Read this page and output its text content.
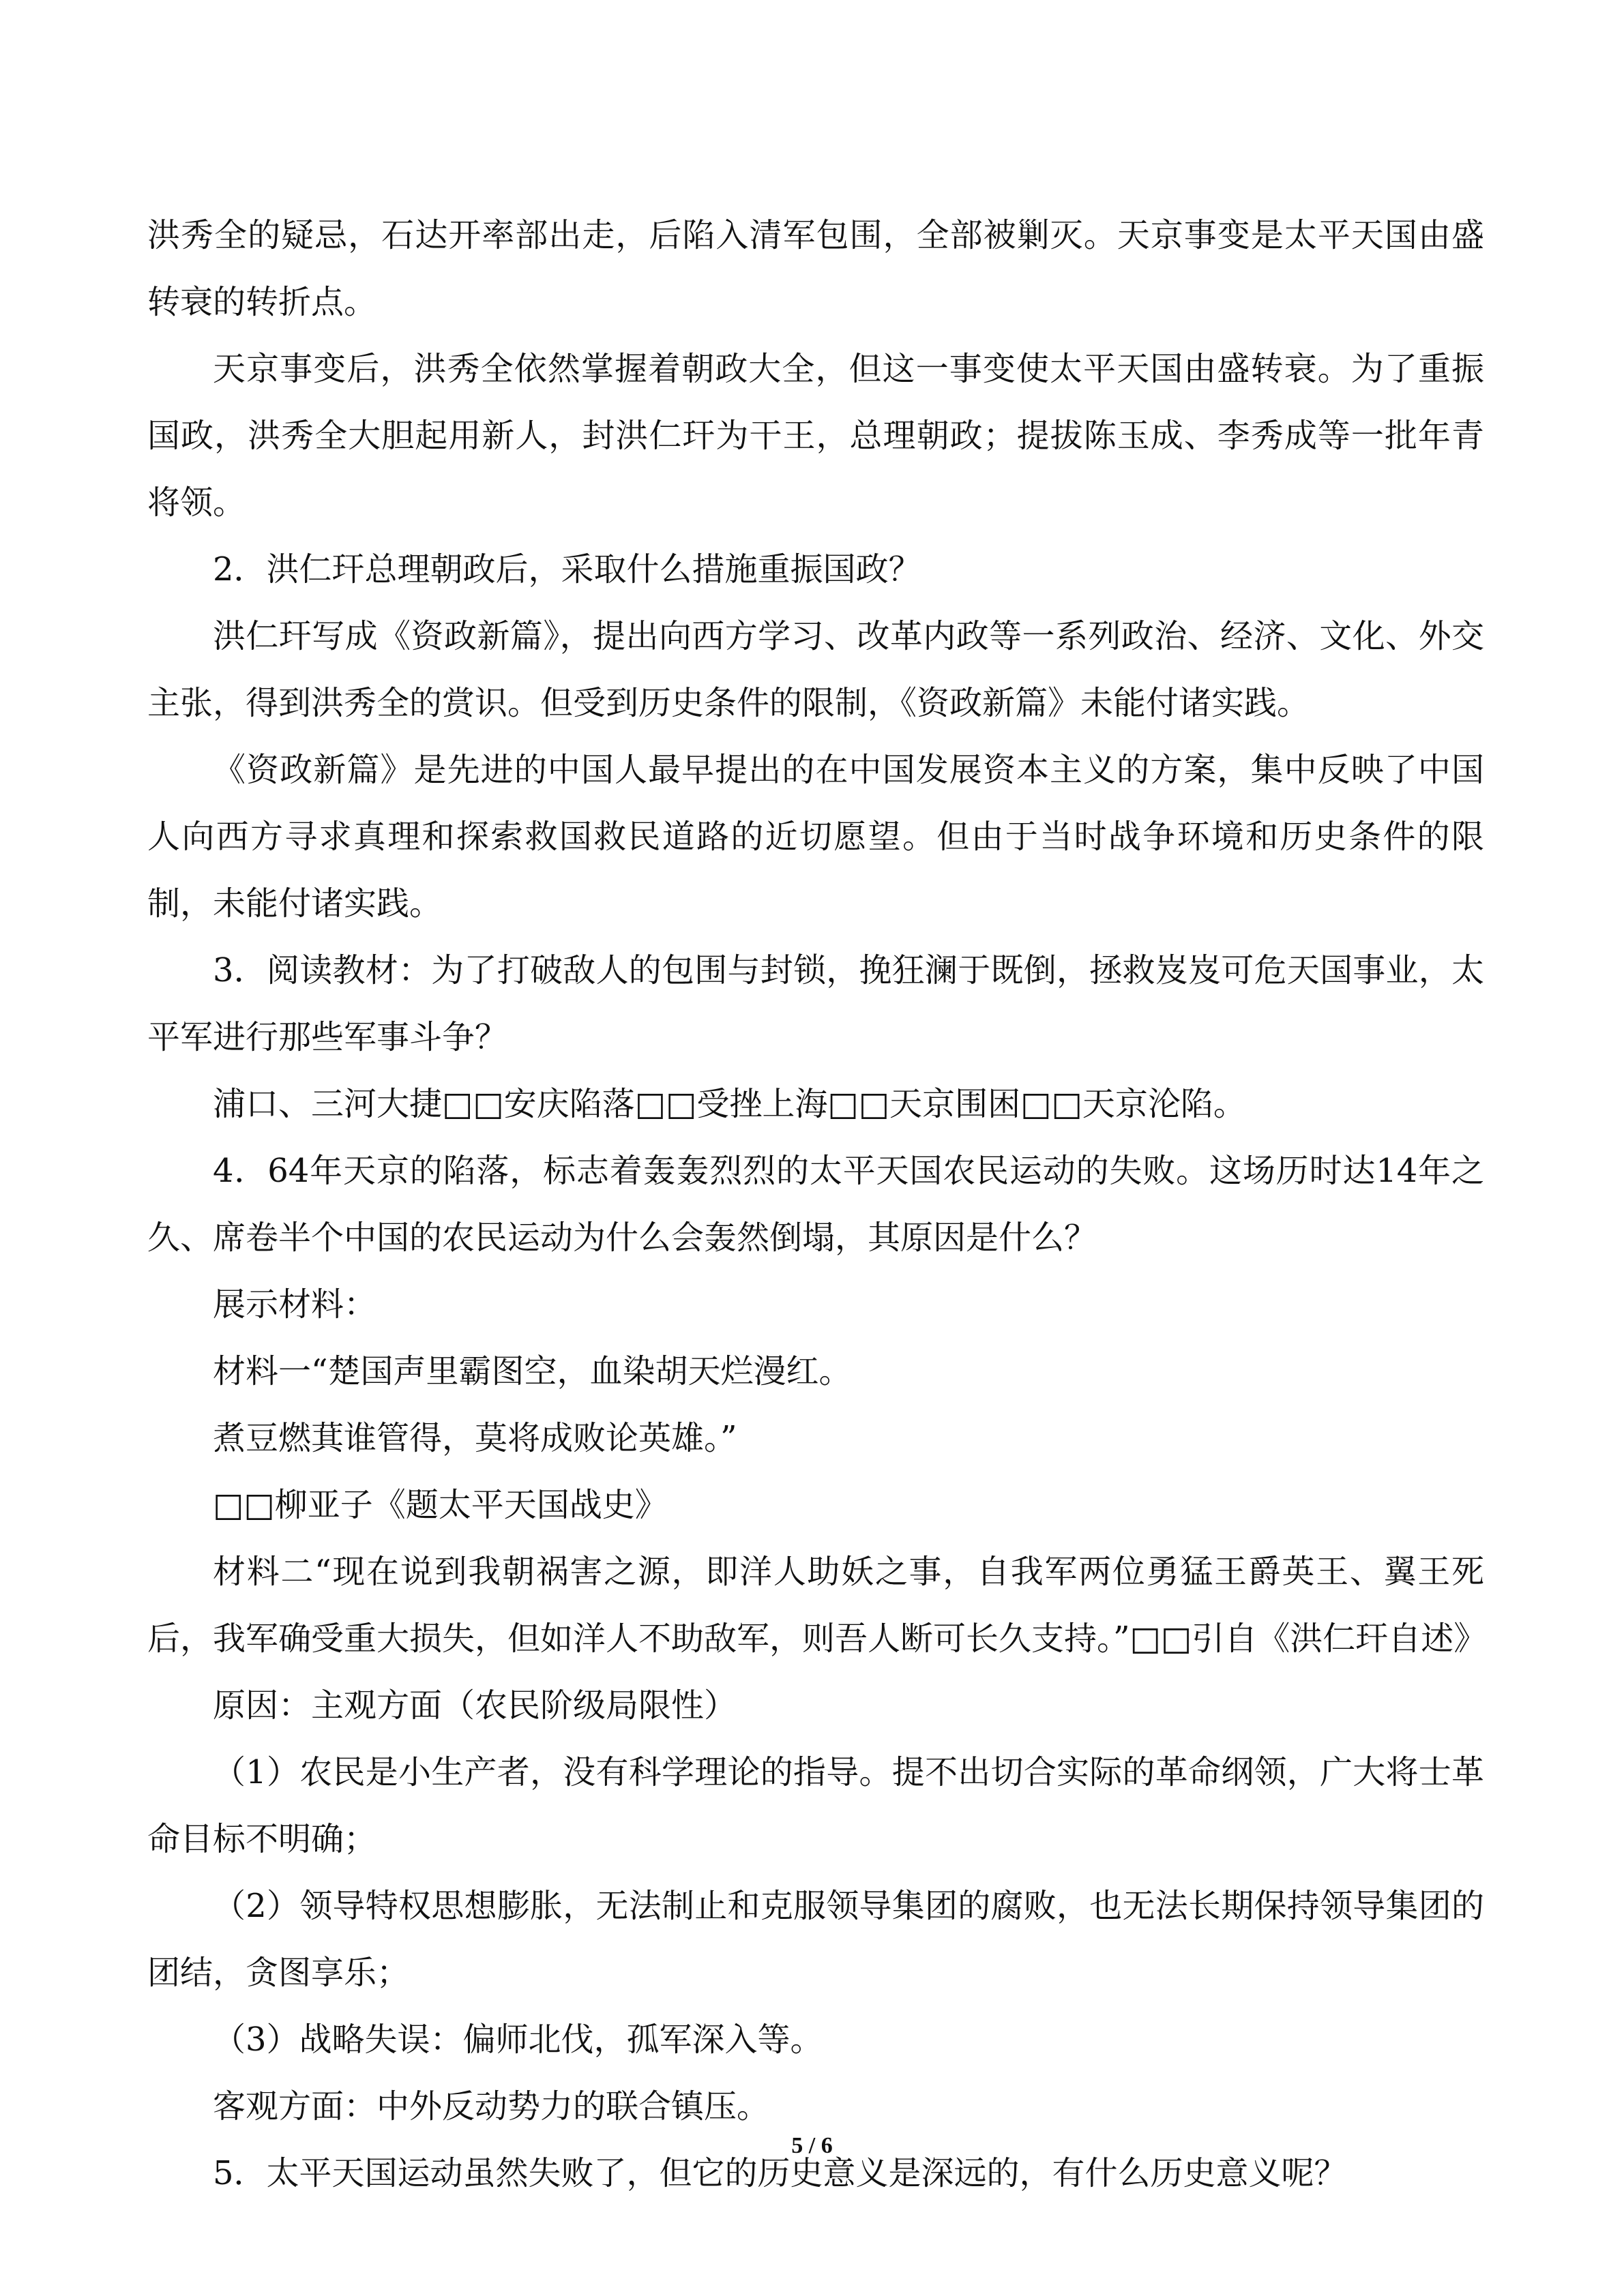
洪秀全的疑忌，石达开率部出走，后陷入清军包围，全部被剿灭。天京事变是太平天国由盛转衰的转折点。

天京事变后，洪秀全依然掌握着朝政大全，但这一事变使太平天国由盛转衰。为了重振国政，洪秀全大胆起用新人，封洪仁玕为干王，总理朝政；提拔陈玉成、李秀成等一批年青将领。

2．洪仁玕总理朝政后，采取什么措施重振国政？

洪仁玕写成《资政新篇》，提出向西方学习、改革内政等一系列政治、经济、文化、外交主张，得到洪秀全的赏识。但受到历史条件的限制，《资政新篇》未能付诸实践。

《资政新篇》是先进的中国人最早提出的在中国发展资本主义的方案，集中反映了中国人向西方寻求真理和探索救国救民道路的近切愿望。但由于当时战争环境和历史条件的限制，未能付诸实践。

3．阅读教材：为了打破敌人的包围与封锁，挽狂澜于既倒，拯救岌岌可危天国事业，太平军进行那些军事斗争？

浦口、三河大捷□□安庆陷落□□受挫上海□□天京围困□□天京沦陷。

4．64年天京的陷落，标志着轰轰烈烈的太平天国农民运动的失败。这场历时达14年之久、席卷半个中国的农民运动为什么会轰然倒塌，其原因是什么？

展示材料：

材料一“楚国声里霸图空，血染胡天烂漫红。

煮豆燃萁谁管得，莫将成败论英雄。”

□□柳亚子《题太平天国战史》

材料二“现在说到我朝祸害之源，即洋人助妖之事，自我军两位勇猛王爵英王、翼王死后，我军确受重大损失，但如洋人不助敌军，则吾人断可长久支持。”□□引自《洪仁玕自述》

原因：主观方面（农民阶级局限性）

（1）农民是小生产者，没有科学理论的指导。提不出切合实际的革命纲领，广大将士革命目标不明确；

（2）领导特权思想膨胀，无法制止和克服领导集团的腐败，也无法长期保持领导集团的团结，贪图享乐；

（3）战略失误：偏师北伐，孤军深入等。

客观方面：中外反动势力的联合镇压。

5．太平天国运动虽然失败了，但它的历史意义是深远的，有什么历史意义呢？

5 / 6
